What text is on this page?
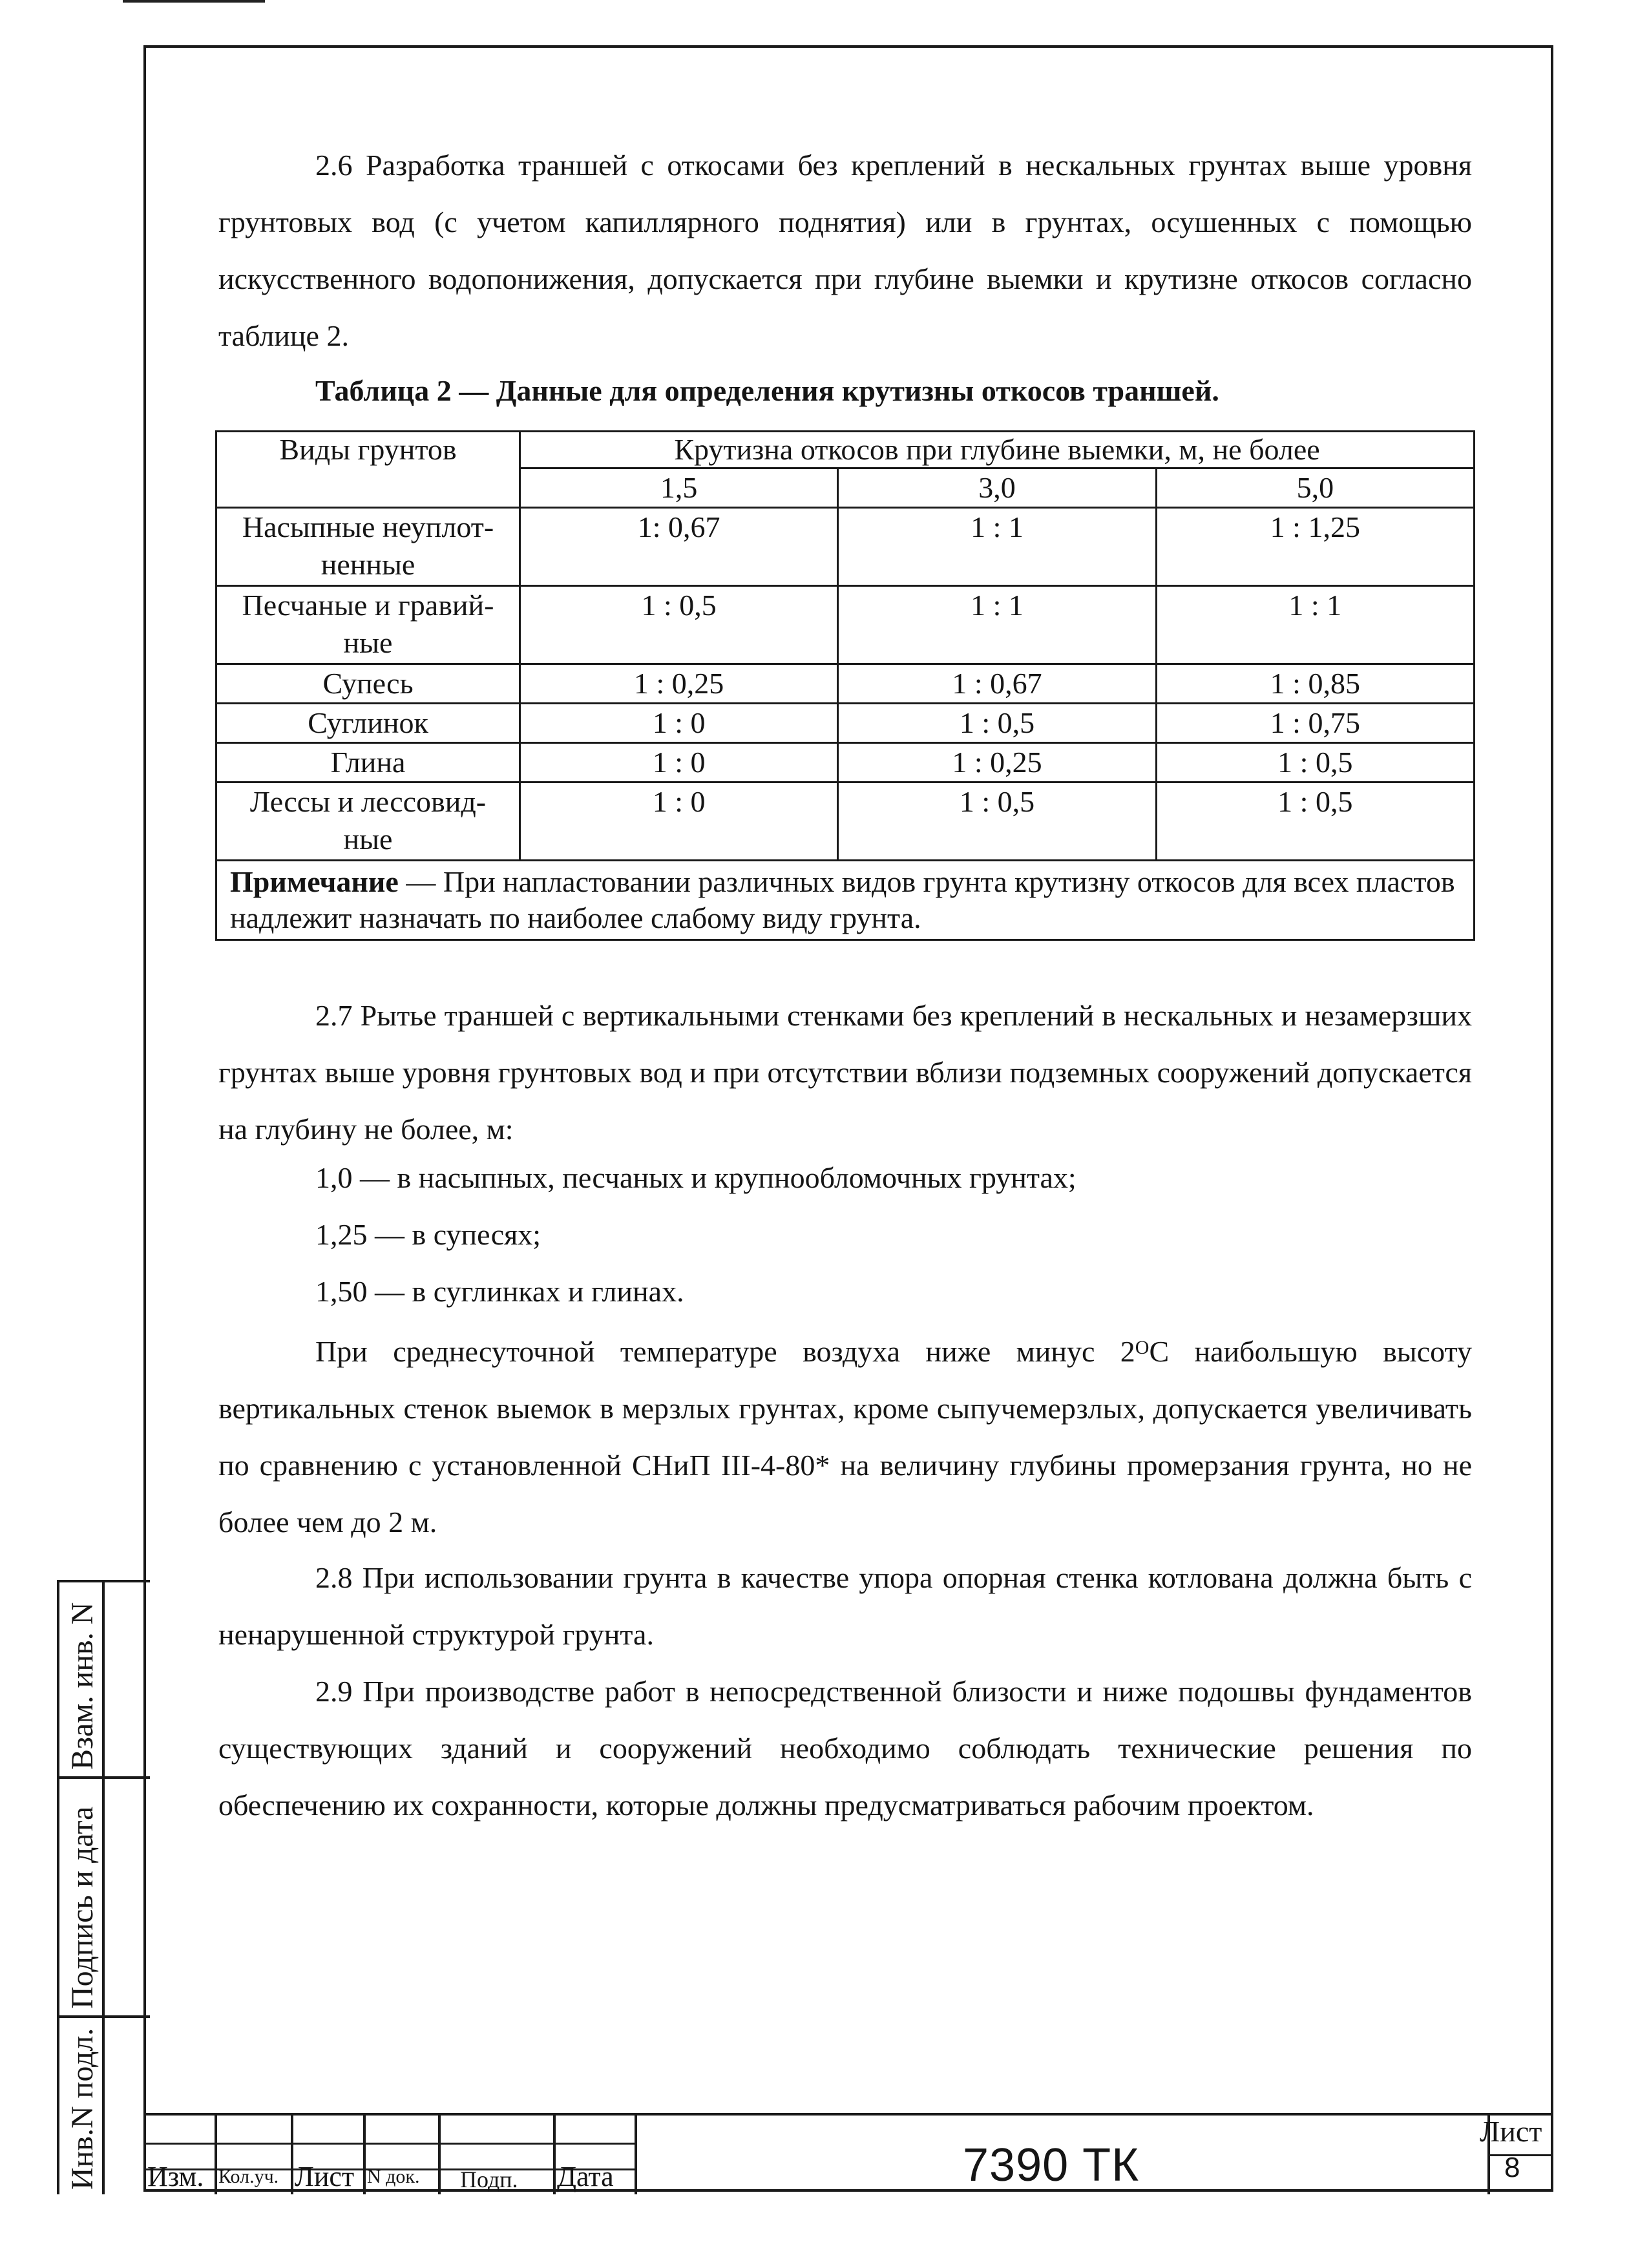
2.6 Разработка траншей с откосами без креплений в нескальных грунтах выше уровня грунтовых вод (с учетом капиллярного поднятия) или в грунтах, осушенных с помощью искусственного водопонижения, допускается при глубине выемки и крутизне откосов согласно таблице 2.

Таблица 2 — Данные для определения крутизны откосов траншей.

Виды грунтов	Крутизна откосов при глубине выемки, м, не более		
	1,5	3,0	5,0
Насыпные неуплот-
ненные	1: 0,67	1 : 1	1 : 1,25
Песчаные и гравий-
ные	1 : 0,5	1 : 1	1 : 1
Супесь	1 : 0,25	1 : 0,67	1 : 0,85
Суглинок	1 : 0	1 : 0,5	1 : 0,75
Глина	1 : 0	1 : 0,25	1 : 0,5
Лессы и лессовид-
ные	1 : 0	1 : 0,5	1 : 0,5
Примечание — При напластовании различных видов грунта крутизну откосов для всех пластов надлежит назначать по наиболее слабому виду грунта.			

2.7 Рытье траншей с вертикальными стенками без креплений в нескальных и незамерзших грунтах выше уровня грунтовых вод и при отсутствии вблизи подземных сооружений допускается на глубину не более, м:

1,0 — в насыпных, песчаных и крупнообломочных грунтах;

1,25 — в супесях;

1,50 — в суглинках и глинах.

При среднесуточной температуре воздуха ниже минус $2^OС$ наибольшую высоту вертикальных стенок выемок в мерзлых грунтах, кроме сыпучемерзлых, допускается увеличивать по сравнению с установленной СНиП III-4-80* на величину глубины промерзания грунта, но не более чем до 2 м.

2.8 При использовании грунта в качестве упора опорная стенка котлована должна быть с ненарушенной структурой грунта.

2.9 При производстве работ в непосредственной близости и ниже подошвы фундаментов существующих зданий и сооружений необходимо соблюдать технические решения по обеспечению их сохранности, которые должны предусматриваться рабочим проектом.

Взам. инв. N
Подпись и дата
Инв.N подл. Изм. Кол.уч. Лист N док. Подп. Дата	7390 ТК
Лист
8
